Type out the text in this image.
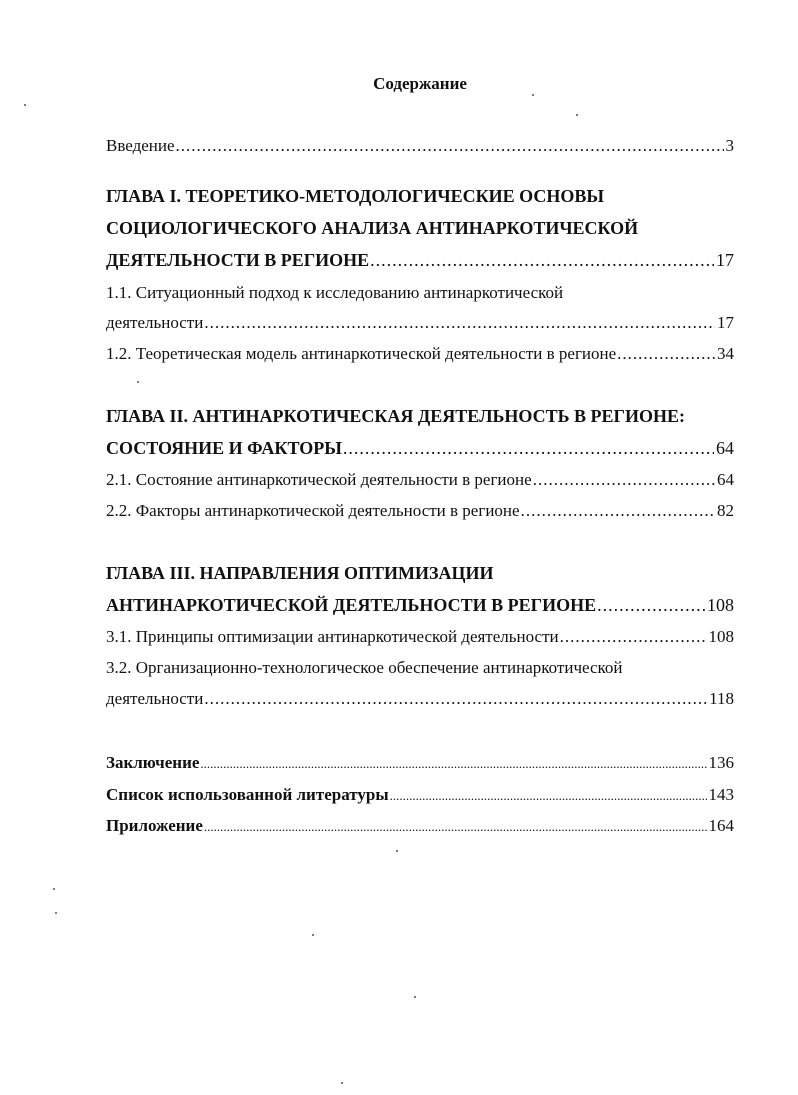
Содержание
Введение .....	3
ГЛАВА I. ТЕОРЕТИКО-МЕТОДОЛОГИЧЕСКИЕ ОСНОВЫ
СОЦИОЛОГИЧЕСКОГО АНАЛИЗА АНТИНАРКОТИЧЕСКОЙ
ДЕЯТЕЛЬНОСТИ В РЕГИОНЕ .....	17
1.1. Ситуационный подход к исследованию антинаркотической
деятельности .....	17
1.2. Теоретическая модель антинаркотической деятельности в регионе .....	34
ГЛАВА II. АНТИНАРКОТИЧЕСКАЯ ДЕЯТЕЛЬНОСТЬ В РЕГИОНЕ:
СОСТОЯНИЕ И ФАКТОРЫ .....	64
2.1. Состояние антинаркотической деятельности в регионе .....	64
2.2. Факторы антинаркотической деятельности в регионе .....	82
ГЛАВА III. НАПРАВЛЕНИЯ ОПТИМИЗАЦИИ
АНТИНАРКОТИЧЕСКОЙ ДЕЯТЕЛЬНОСТИ В РЕГИОНЕ .....	108
3.1. Принципы оптимизации антинаркотической деятельности .....	108
3.2. Организационно-технологическое обеспечение антинаркотической
деятельности .....	118
Заключение .....	136
Список использованной литературы .....	143
Приложение .....	164
